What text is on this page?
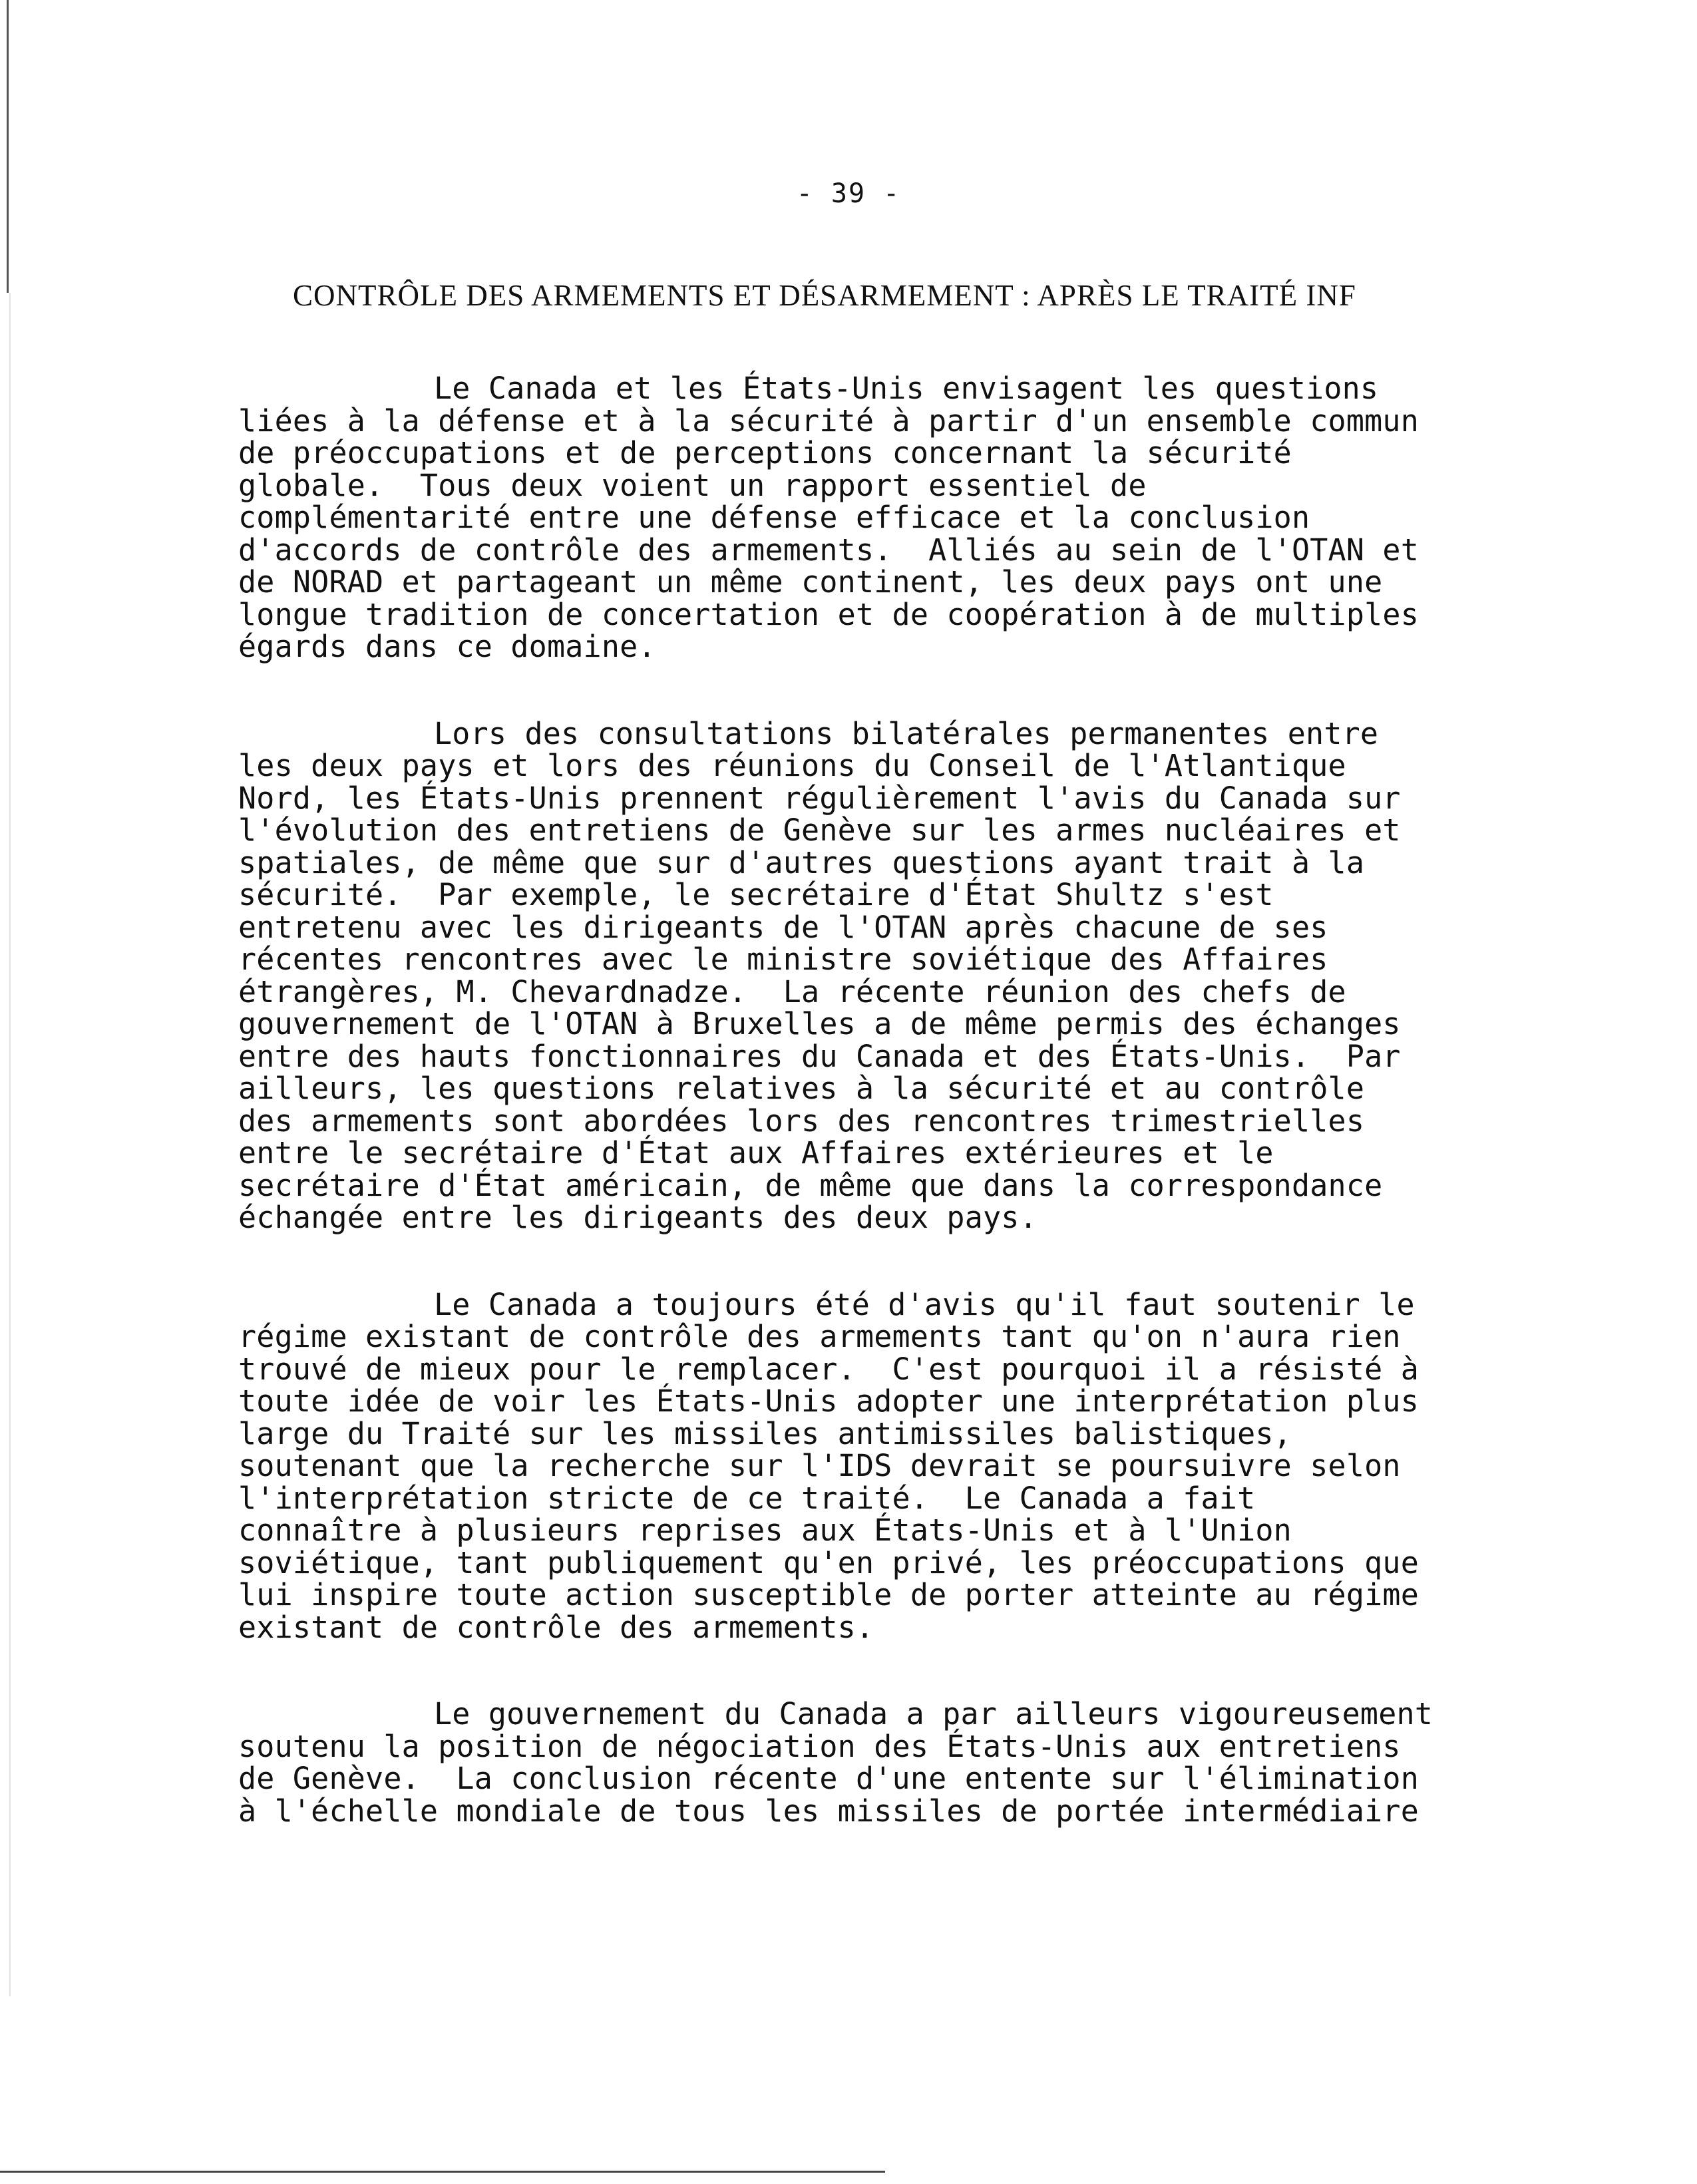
- 39 -
CONTRÔLE DES ARMEMENTS ET DÉSARMEMENT : APRÈS LE TRAITÉ INF
Le Canada et les États-Unis envisagent les questions
liées à la défense et à la sécurité à partir d'un ensemble commun
de préoccupations et de perceptions concernant la sécurité
globale.  Tous deux voient un rapport essentiel de
complémentarité entre une défense efficace et la conclusion
d'accords de contrôle des armements.  Alliés au sein de l'OTAN et
de NORAD et partageant un même continent, les deux pays ont une
longue tradition de concertation et de coopération à de multiples
égards dans ce domaine.
Lors des consultations bilatérales permanentes entre
les deux pays et lors des réunions du Conseil de l'Atlantique
Nord, les États-Unis prennent régulièrement l'avis du Canada sur
l'évolution des entretiens de Genève sur les armes nucléaires et
spatiales, de même que sur d'autres questions ayant trait à la
sécurité.  Par exemple, le secrétaire d'État Shultz s'est
entretenu avec les dirigeants de l'OTAN après chacune de ses
récentes rencontres avec le ministre soviétique des Affaires
étrangères, M. Chevardnadze.  La récente réunion des chefs de
gouvernement de l'OTAN à Bruxelles a de même permis des échanges
entre des hauts fonctionnaires du Canada et des États-Unis.  Par
ailleurs, les questions relatives à la sécurité et au contrôle
des armements sont abordées lors des rencontres trimestrielles
entre le secrétaire d'État aux Affaires extérieures et le
secrétaire d'État américain, de même que dans la correspondance
échangée entre les dirigeants des deux pays.
Le Canada a toujours été d'avis qu'il faut soutenir le
régime existant de contrôle des armements tant qu'on n'aura rien
trouvé de mieux pour le remplacer.  C'est pourquoi il a résisté à
toute idée de voir les États-Unis adopter une interprétation plus
large du Traité sur les missiles antimissiles balistiques,
soutenant que la recherche sur l'IDS devrait se poursuivre selon
l'interprétation stricte de ce traité.  Le Canada a fait
connaître à plusieurs reprises aux États-Unis et à l'Union
soviétique, tant publiquement qu'en privé, les préoccupations que
lui inspire toute action susceptible de porter atteinte au régime
existant de contrôle des armements.
Le gouvernement du Canada a par ailleurs vigoureusement
soutenu la position de négociation des États-Unis aux entretiens
de Genève.  La conclusion récente d'une entente sur l'élimination
à l'échelle mondiale de tous les missiles de portée intermédiaire
